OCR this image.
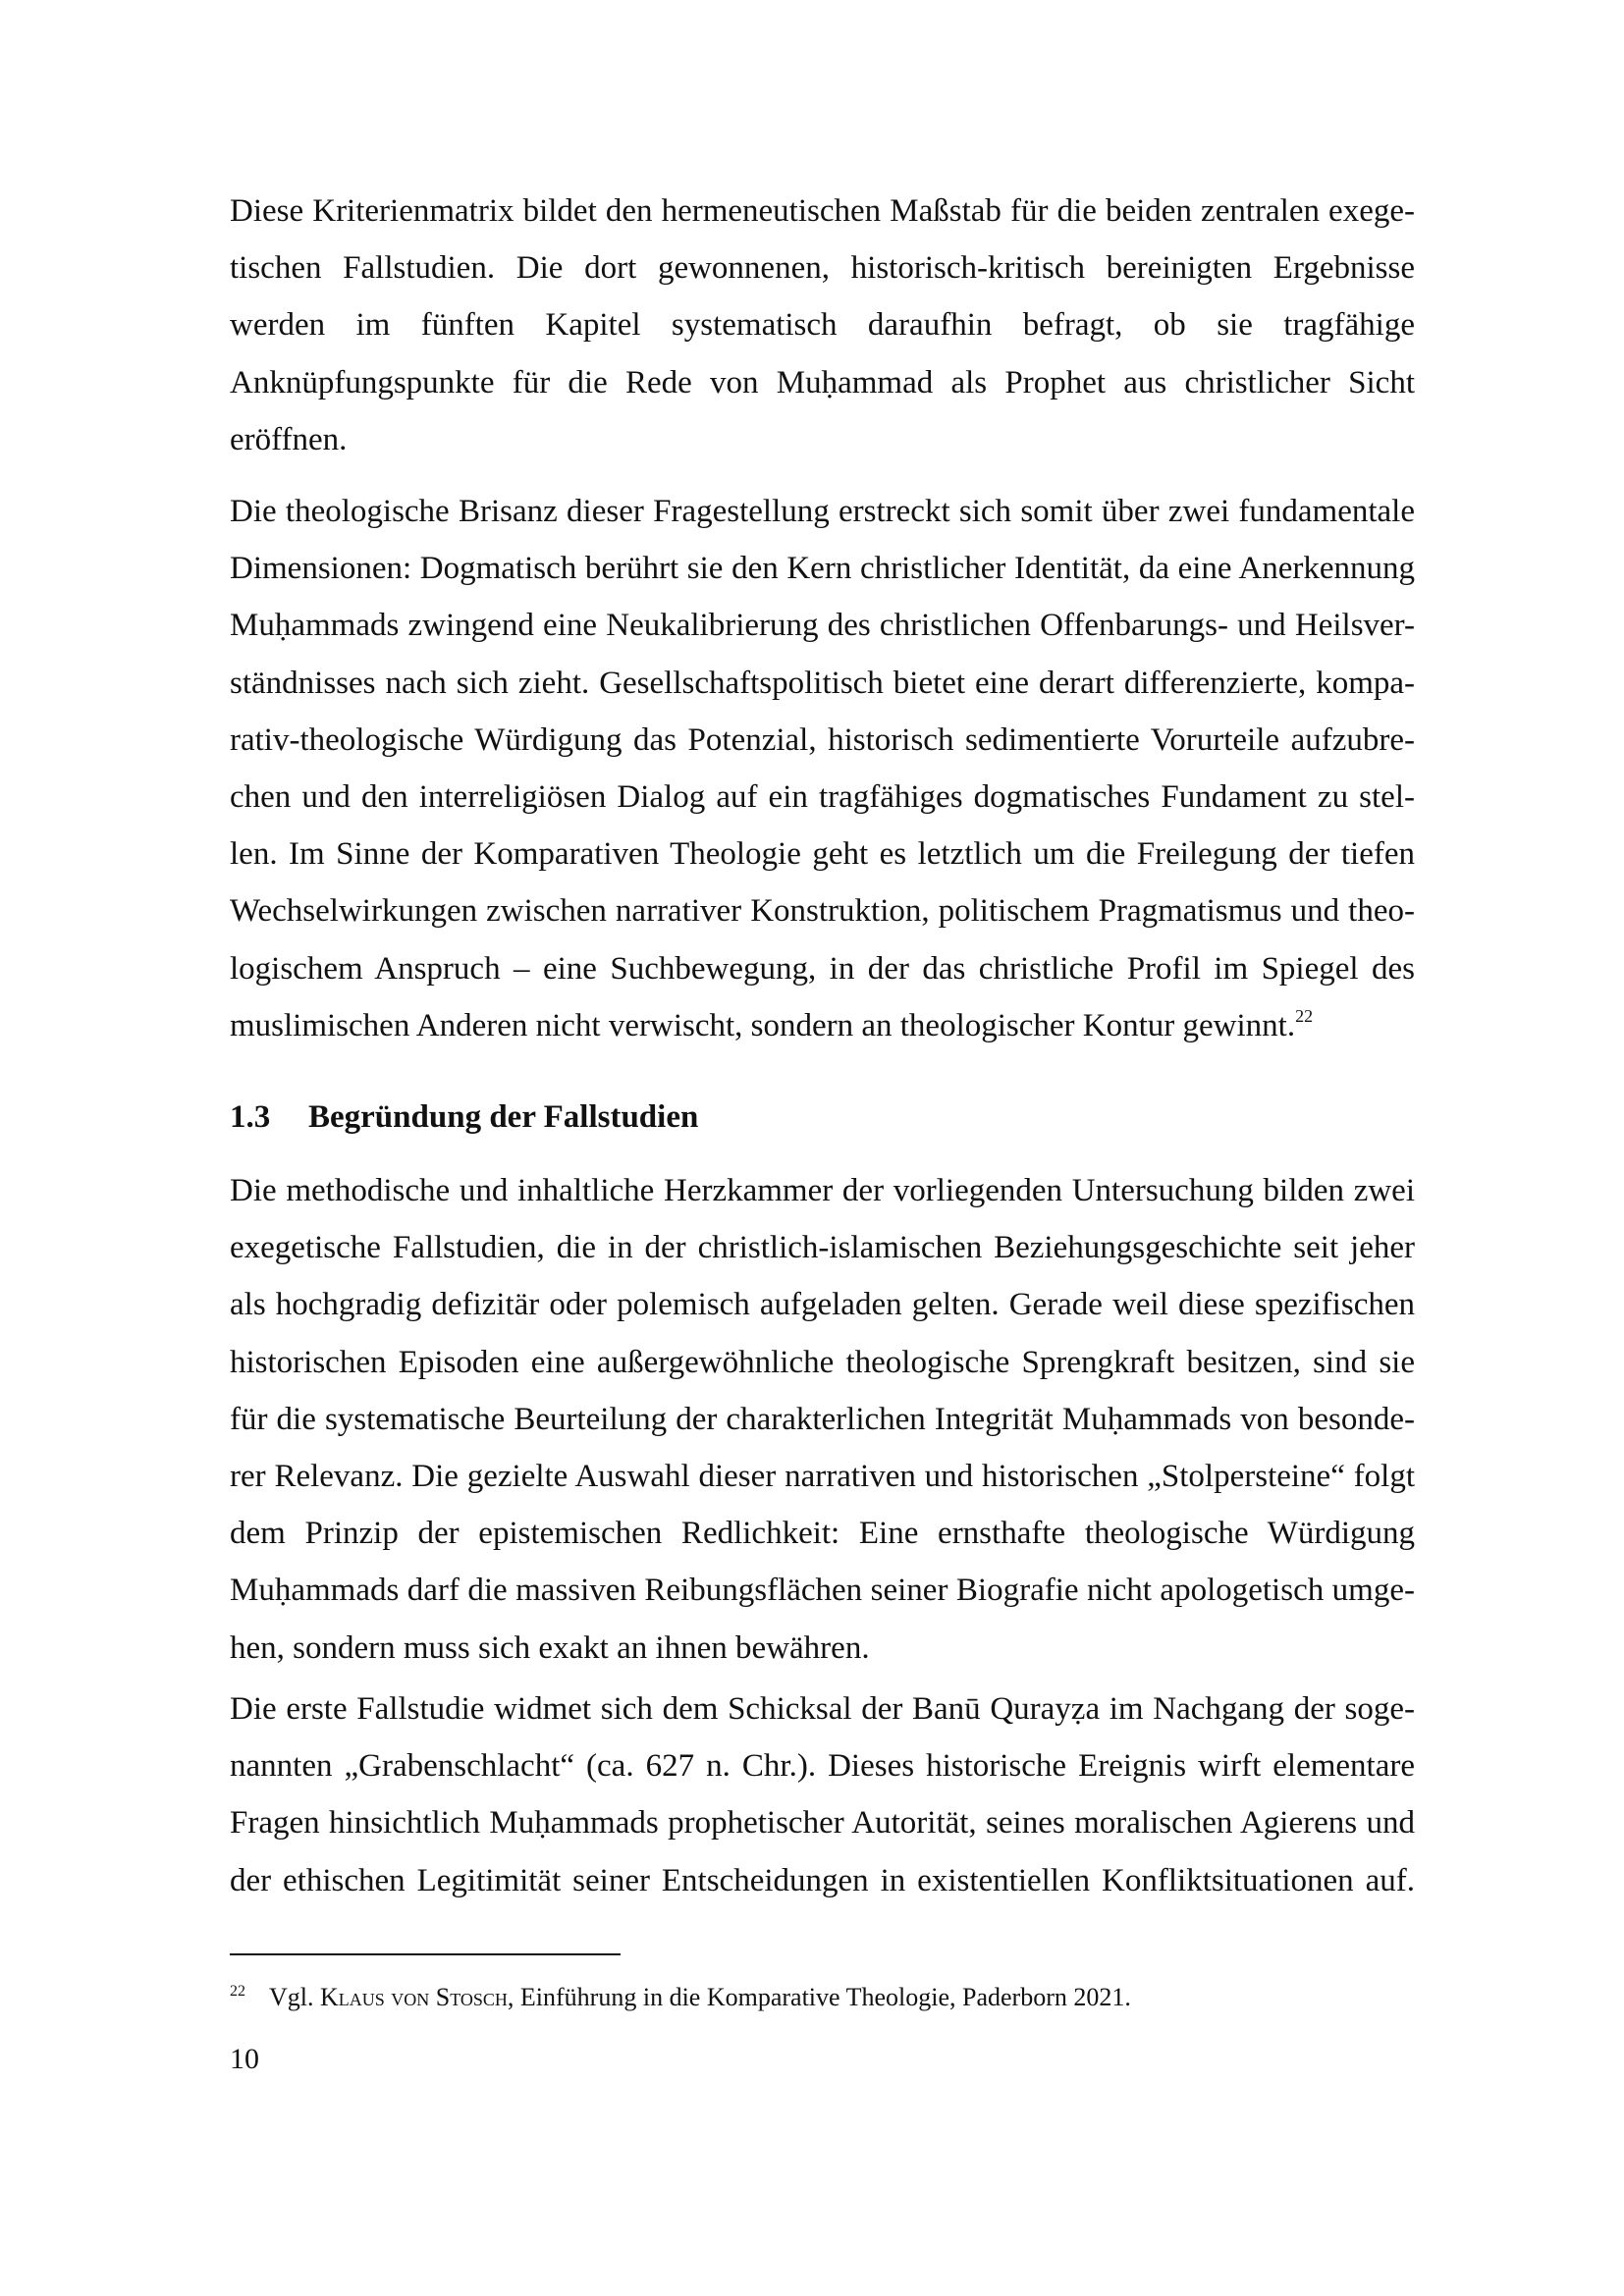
Diese Kriterienmatrix bildet den hermeneutischen Maßstab für die beiden zentralen exege-
tischen Fallstudien. Die dort gewonnenen, historisch-kritisch bereinigten Ergebnisse
werden im fünften Kapitel systematisch daraufhin befragt, ob sie tragfähige
Anknüpfungspunkte für die Rede von Muḥammad als Prophet aus christlicher Sicht
eröffnen.
Die theologische Brisanz dieser Fragestellung erstreckt sich somit über zwei fundamentale
Dimensionen: Dogmatisch berührt sie den Kern christlicher Identität, da eine Anerkennung
Muḥammads zwingend eine Neukalibrierung des christlichen Offenbarungs- und Heilsver-
ständnisses nach sich zieht. Gesellschaftspolitisch bietet eine derart differenzierte, kompa-
rativ-theologische Würdigung das Potenzial, historisch sedimentierte Vorurteile aufzubre-
chen und den interreligiösen Dialog auf ein tragfähiges dogmatisches Fundament zu stel-
len. Im Sinne der Komparativen Theologie geht es letztlich um die Freilegung der tiefen
Wechselwirkungen zwischen narrativer Konstruktion, politischem Pragmatismus und theo-
logischem Anspruch – eine Suchbewegung, in der das christliche Profil im Spiegel des
muslimischen Anderen nicht verwischt, sondern an theologischer Kontur gewinnt.$^{22}$
1.3 Begründung der Fallstudien
Die methodische und inhaltliche Herzkammer der vorliegenden Untersuchung bilden zwei
exegetische Fallstudien, die in der christlich-islamischen Beziehungsgeschichte seit jeher
als hochgradig defizitär oder polemisch aufgeladen gelten. Gerade weil diese spezifischen
historischen Episoden eine außergewöhnliche theologische Sprengkraft besitzen, sind sie
für die systematische Beurteilung der charakterlichen Integrität Muḥammads von besonde-
rer Relevanz. Die gezielte Auswahl dieser narrativen und historischen „Stolpersteine“ folgt
dem Prinzip der epistemischen Redlichkeit: Eine ernsthafte theologische Würdigung
Muḥammads darf die massiven Reibungsflächen seiner Biografie nicht apologetisch umge-
hen, sondern muss sich exakt an ihnen bewähren.
Die erste Fallstudie widmet sich dem Schicksal der Banū Qurayẓa im Nachgang der soge-
nannten „Grabenschlacht“ (ca. 627 n. Chr.). Dieses historische Ereignis wirft elementare
Fragen hinsichtlich Muḥammads prophetischer Autorität, seines moralischen Agierens und
der ethischen Legitimität seiner Entscheidungen in existentiellen Konfliktsituationen auf.
22 Vgl. Klaus von Stosch, Einführung in die Komparative Theologie, Paderborn 2021.
10
